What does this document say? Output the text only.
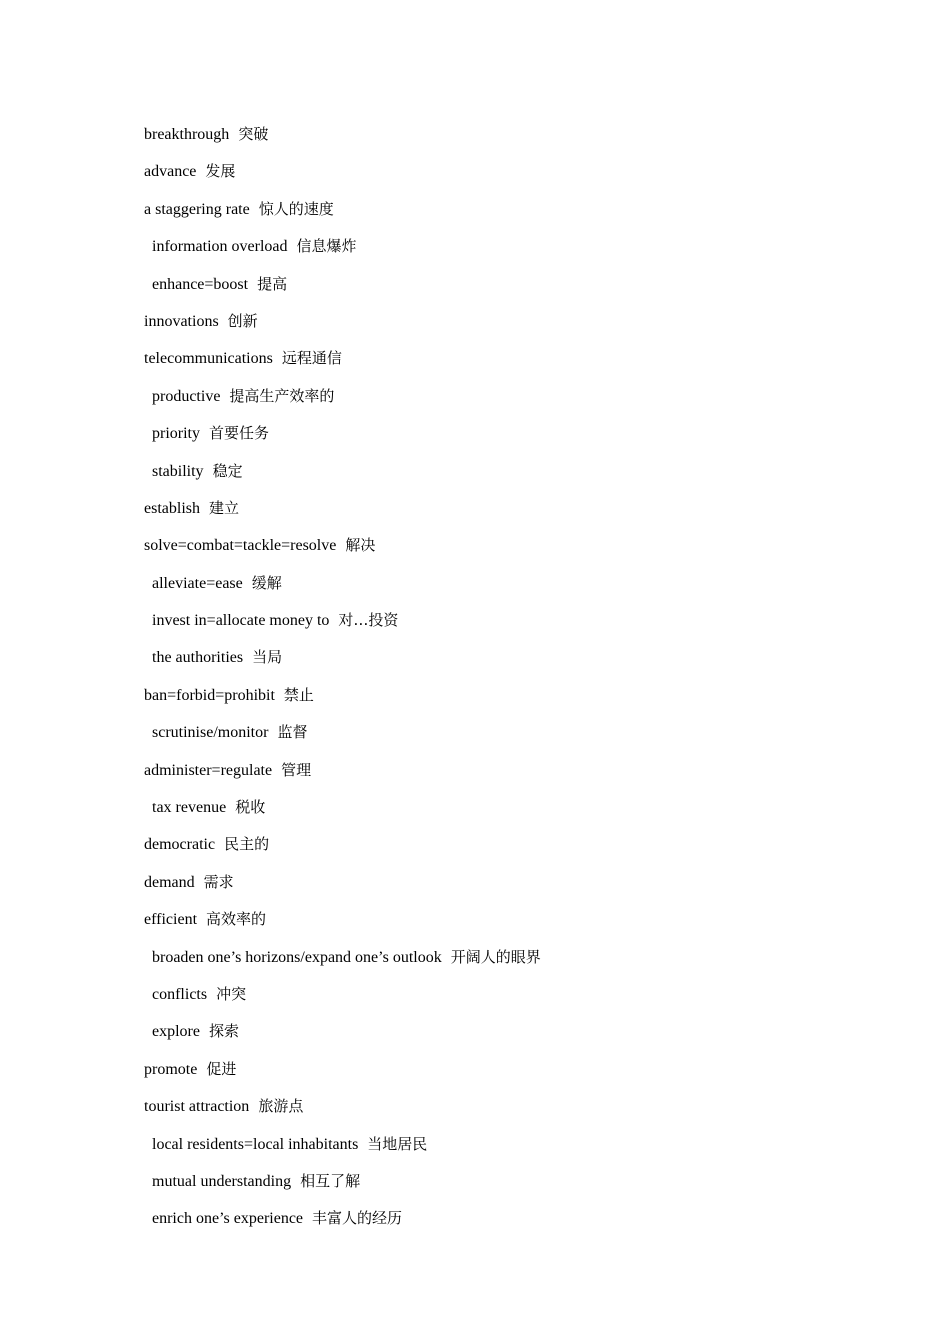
breakthrough 突破
advance 发展
a staggering rate 惊人的速度
information overload 信息爆炸
enhance=boost 提高
innovations 创新
telecommunications 远程通信
productive 提高生产效率的
priority 首要任务
stability 稳定
establish 建立
solve=combat=tackle=resolve 解决
alleviate=ease 缓解
invest in=allocate money to 对…投资
the authorities 当局
ban=forbid=prohibit 禁止
scrutinise/monitor 监督
administer=regulate 管理
tax revenue 税收
democratic 民主的
demand 需求
efficient 高效率的
broaden one’s horizons/expand one’s outlook 开阔人的眼界
conflicts 冲突
explore 探索
promote 促进
tourist attraction 旅游点
local residents=local inhabitants 当地居民
mutual understanding 相互了解
enrich one’s experience 丰富人的经历
